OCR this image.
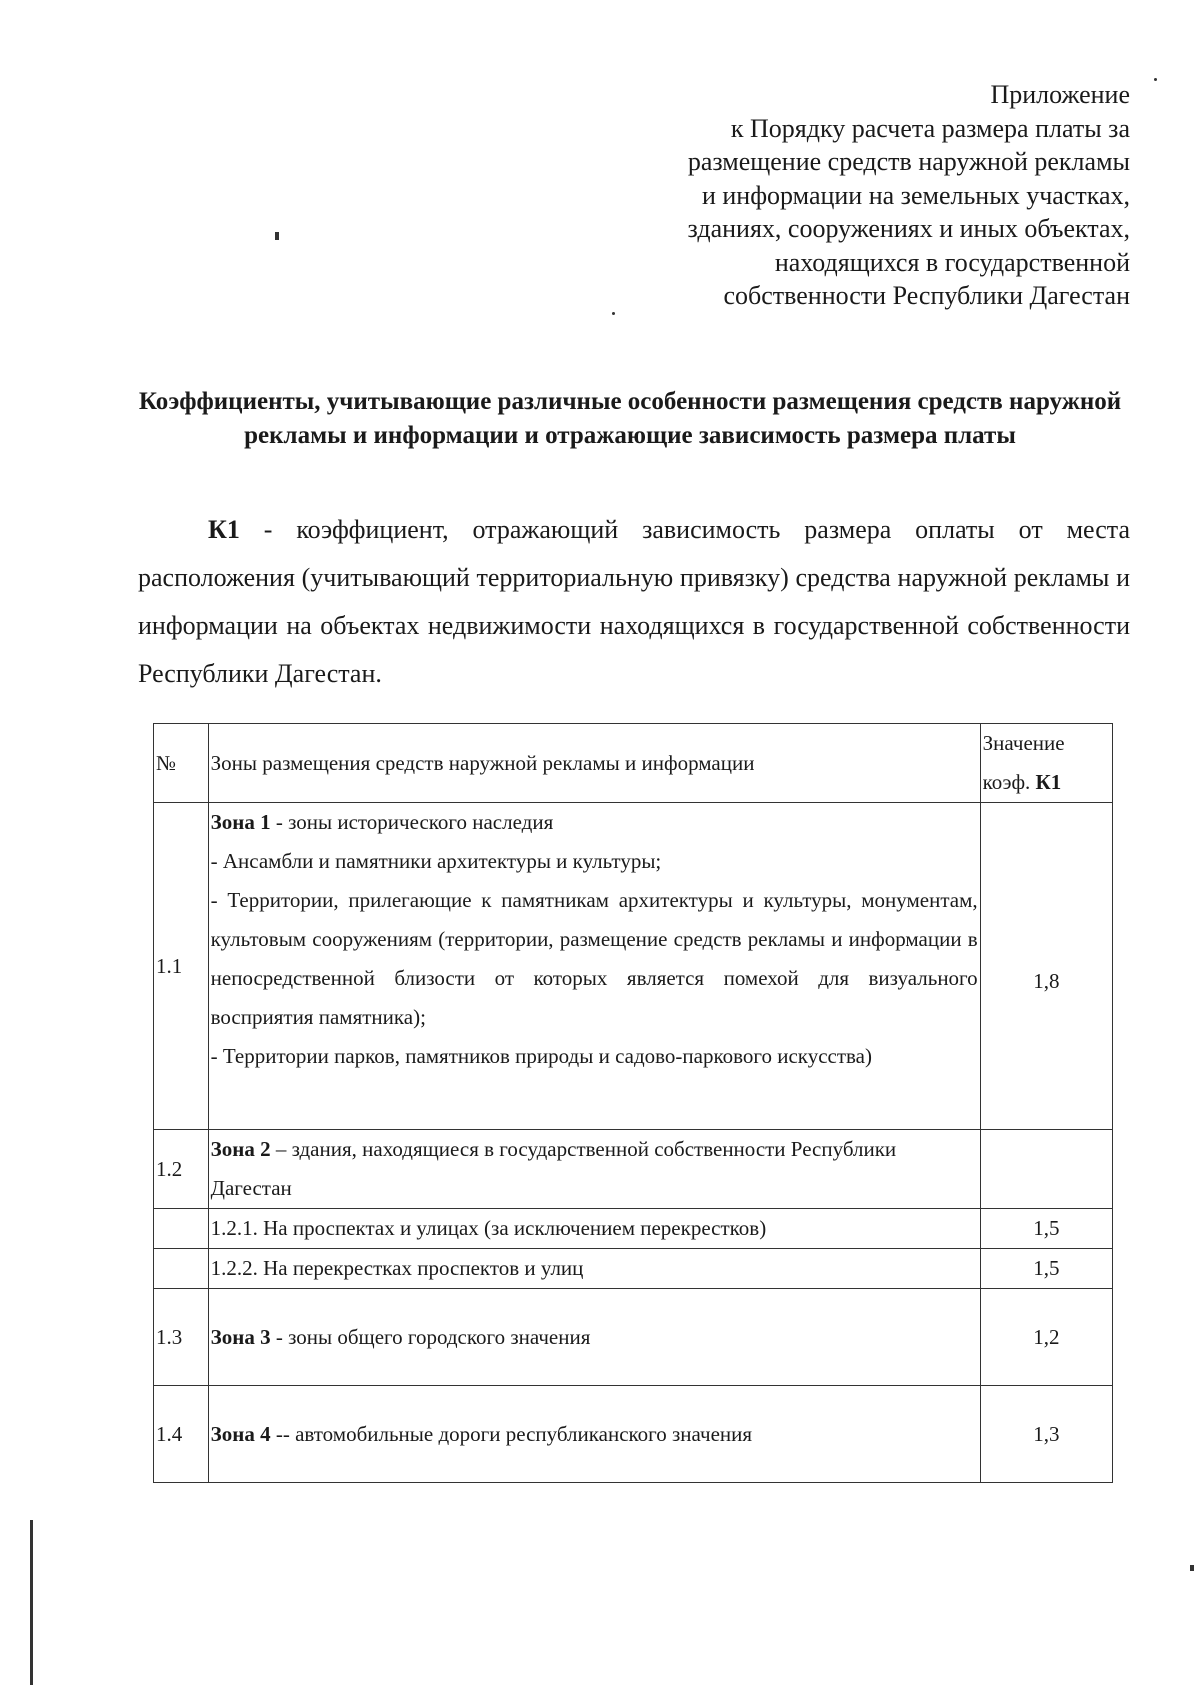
Приложение
к Порядку расчета размера платы за
размещение средств наружной рекламы
и информации на земельных участках,
зданиях, сооружениях и иных объектах,
находящихся в государственной
собственности Республики Дагестан
Коэффициенты, учитывающие различные особенности размещения средств наружной рекламы и информации и отражающие зависимость размера платы

К1 - коэффициент, отражающий зависимость размера оплаты от места расположения (учитывающий территориальную привязку) средства наружной рекламы и информации на объектах недвижимости находящихся в государственной собственности Республики Дагестан.

№	Зоны размещения средств наружной рекламы и информации	Значение
коэф. К1
1.1	Зона 1 - зоны исторического наследия
- Ансамбли и памятники архитектуры и культуры;
- Территории, прилегающие к памятникам архитектуры и культуры, монументам, культовым сооружениям (территории, размещение средств рекламы и информации в непосредственной близости от которых является помехой для визуального восприятия памятника);
- Территории парков, памятников природы и садово-паркового искусства)	1,8
1.2	Зона 2 – здания, находящиеся в государственной собственности Республики Дагестан	
	1.2.1. На проспектах и улицах (за исключением перекрестков)	1,5
	1.2.2. На перекрестках проспектов и улиц	1,5
1.3	Зона 3 - зоны общего городского значения	1,2
1.4	Зона 4 -- автомобильные дороги республиканского значения	1,3
